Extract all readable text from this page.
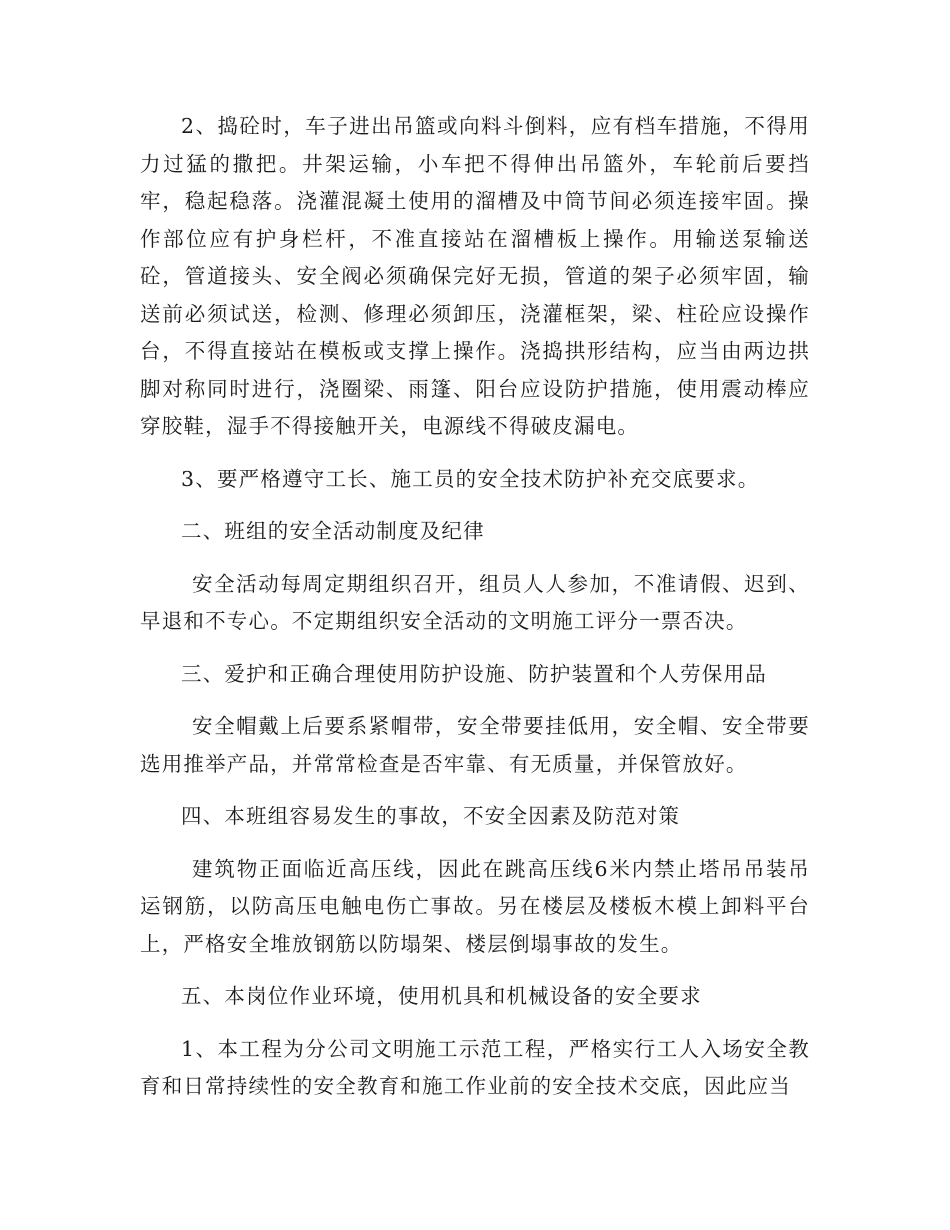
2、捣砼时，车子进出吊篮或向料斗倒料，应有档车措施，不得用力过猛的撒把。井架运输，小车把不得伸出吊篮外，车轮前后要挡牢，稳起稳落。浇灌混凝土使用的溜槽及中筒节间必须连接牢固。操作部位应有护身栏杆，不准直接站在溜槽板上操作。用输送泵输送砼，管道接头、安全阀必须确保完好无损，管道的架子必须牢固，输送前必须试送，检测、修理必须卸压，浇灌框架，梁、柱砼应设操作台，不得直接站在模板或支撑上操作。浇捣拱形结构，应当由两边拱脚对称同时进行，浇圈梁、雨篷、阳台应设防护措施，使用震动棒应穿胶鞋，湿手不得接触开关，电源线不得破皮漏电。

3、要严格遵守工长、施工员的安全技术防护补充交底要求。

二、班组的安全活动制度及纪律

安全活动每周定期组织召开，组员人人参加，不准请假、迟到、早退和不专心。不定期组织安全活动的文明施工评分一票否决。

三、爱护和正确合理使用防护设施、防护装置和个人劳保用品

安全帽戴上后要系紧帽带，安全带要挂低用，安全帽、安全带要选用推举产品，并常常检查是否牢靠、有无质量，并保管放好。

四、本班组容易发生的事故，不安全因素及防范对策

建筑物正面临近高压线，因此在跳高压线6米内禁止塔吊吊装吊运钢筋，以防高压电触电伤亡事故。另在楼层及楼板木模上卸料平台上，严格安全堆放钢筋以防塌架、楼层倒塌事故的发生。

五、本岗位作业环境，使用机具和机械设备的安全要求

1、本工程为分公司文明施工示范工程，严格实行工人入场安全教育和日常持续性的安全教育和施工作业前的安全技术交底，因此应当
